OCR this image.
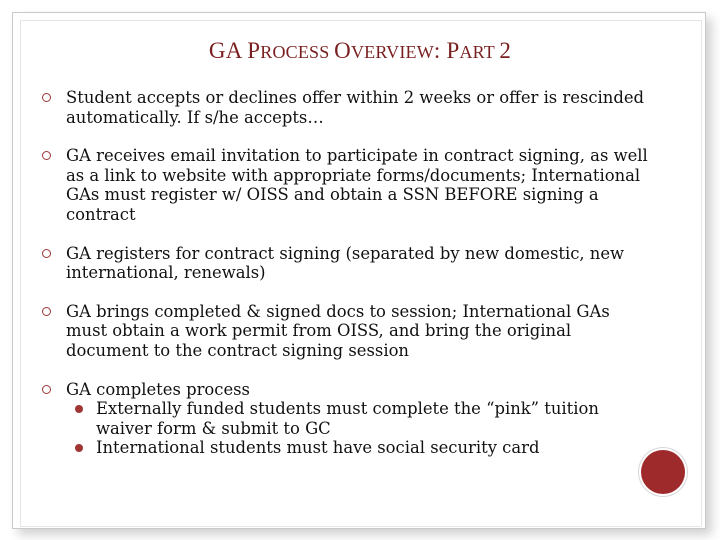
GA PROCESS OVERVIEW: PART 2
Student accepts or declines offer within 2 weeks or offer is rescinded automatically. If s/he accepts…
GA receives email invitation to participate in contract signing, as well as a link to website with appropriate forms/documents; International GAs must register w/ OISS and obtain a SSN BEFORE signing a contract
GA registers for contract signing (separated by new domestic, new international, renewals)
GA brings completed & signed docs to session; International GAs must obtain a work permit from OISS, and bring the original document to the contract signing session
GA completes process
Externally funded students must complete the “pink” tuition waiver form & submit to GC
International students must have social security card
